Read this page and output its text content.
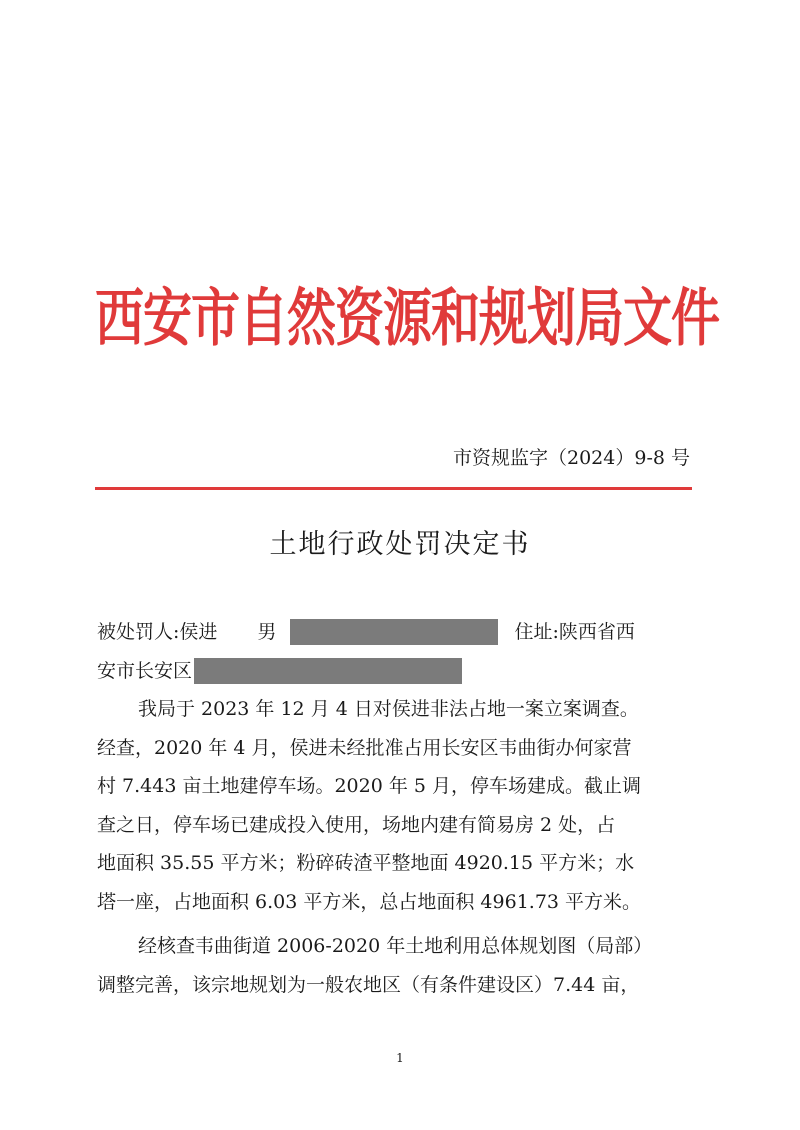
西安市自然资源和规划局文件
市资规监字（2024）9-8 号
土地行政处罚决定书
被处罚人: 侯进 男	住址: 陕西省西
安市长安区
我局于 2023 年 12 月 4 日对侯进非法占地一案立案调查。
经查，2020 年 4 月，侯进未经批准占用长安区韦曲街办何家营
村 7.443 亩土地建停车场。2020 年 5 月，停车场建成。截止调
查之日，停车场已建成投入使用，场地内建有简易房 2 处，占
地面积 35.55 平方米；粉碎砖渣平整地面 4920.15 平方米；水
塔一座，占地面积 6.03 平方米，总占地面积 4961.73 平方米。
经核查韦曲街道 2006-2020 年土地利用总体规划图（局部）
调整完善，该宗地规划为一般农地区（有条件建设区）7.44 亩，
1
